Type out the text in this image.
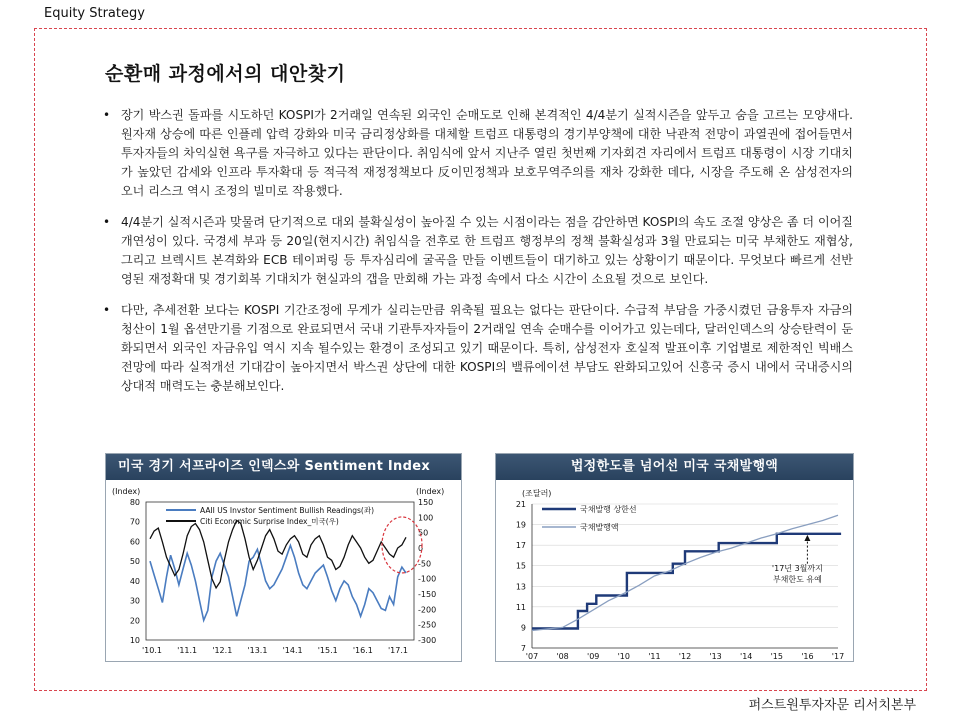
Equity Strategy
순환매 과정에서의 대안찾기
• 장기 박스권 돌파를 시도하던 KOSPI가 2거래일 연속된 외국인 순매도로 인해 본격적인 4/4분기 실적시즌을 앞두고 숨을 고르는 모양새다. 원자재 상승에 따른 인플레 압력 강화와 미국 금리정상화를 대체할 트럼프 대통령의 경기부양책에 대한 낙관적 전망이 과열권에 접어들면서 투자자들의 차익실현 욕구를 자극하고 있다는 판단이다. 취임식에 앞서 지난주 열린 첫번째 기자회견 자리에서 트럼프 대통령이 시장 기대치가 높았던 감세와 인프라 투자확대 등 적극적 재정정책보다 反이민정책과 보호무역주의를 재차 강화한 데다, 시장을 주도해 온 삼성전자의 오너 리스크 역시 조정의 빌미로 작용했다.
• 4/4분기 실적시즌과 맞물려 단기적으로 대외 불확실성이 높아질 수 있는 시점이라는 점을 감안하면 KOSPI의 속도 조절 양상은 좀 더 이어질 개연성이 있다. 국경세 부과 등 20일(현지시간) 취임식을 전후로 한 트럼프 행정부의 정책 불확실성과 3월 만료되는 미국 부채한도 재협상, 그리고 브렉시트 본격화와 ECB 테이퍼링 등 투자심리에 굴곡을 만들 이벤트들이 대기하고 있는 상황이기 때문이다. 무엇보다 빠르게 선반영된 재정확대 및 경기회복 기대치가 현실과의 갭을 만회해 가는 과정 속에서 다소 시간이 소요될 것으로 보인다.
• 다만, 추세전환 보다는 KOSPI 기간조정에 무게가 실리는만큼 위축될 필요는 없다는 판단이다. 수급적 부담을 가중시켰던 금융투자 자금의 청산이 1월 옵션만기를 기점으로 완료되면서 국내 기관투자자들이 2거래일 연속 순매수를 이어가고 있는데다, 달러인덱스의 상승탄력이 둔화되면서 외국인 자금유입 역시 지속 될수있는 환경이 조성되고 있기 때문이다. 특히, 삼성전자 호실적 발표이후 기업별로 제한적인 빅배스 전망에 따라 실적개선 기대감이 높아지면서 박스권 상단에 대한 KOSPI의 밸류에이션 부담도 완화되고있어 신흥국 증시 내에서 국내증시의 상대적 매력도는 충분해보인다.
미국 경기 서프라이즈 인덱스와 Sentiment Index
(Index)	(Index)
80
70
60
50
40
30
20
10
150
100
50
0
-50
-100
-150
-200
-250
-300
'10.1 '11.1 '12.1 '13.1 '14.1 '15.1 '16.1 '17.1
AAII US Invstor Sentiment Bullish Readings(좌)
Citi Economic Surprise Index_미국(우)
법정한도를 넘어선 미국 국채발행액
(조달러)
21
19
17
15
13
11
9
7
'07 '08 '09 '10 '11 '12 '13 '14 '15 '16 '17
국채발행 상한선
국채발행액
'17년 3월까지
부채한도 유예
퍼스트원투자자문 리서치본부
